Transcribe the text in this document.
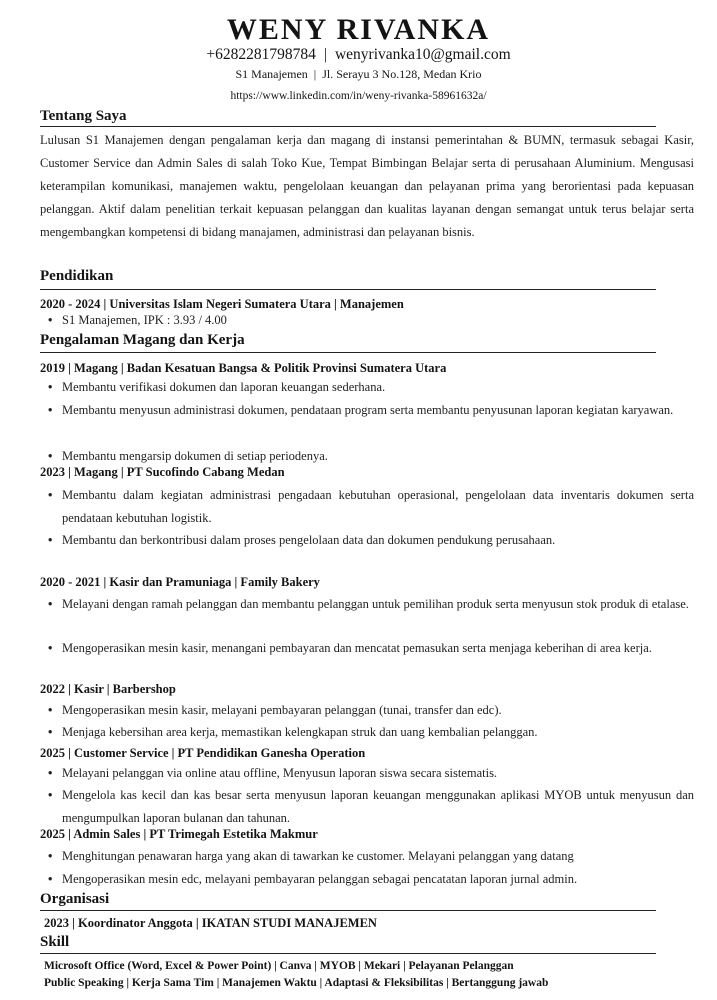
WENY RIVANKA
+6282281798784 | wenyrivanka10@gmail.com
S1 Manajemen | Jl. Serayu 3 No.128, Medan Krio
https://www.linkedin.com/in/weny-rivanka-58961632a/
Tentang Saya
Lulusan S1 Manajemen dengan pengalaman kerja dan magang di instansi pemerintahan & BUMN, termasuk sebagai Kasir, Customer Service dan Admin Sales di salah Toko Kue, Tempat Bimbingan Belajar serta di perusahaan Aluminium. Mengusasi keterampilan komunikasi, manajemen waktu, pengelolaan keuangan dan pelayanan prima yang berorientasi pada kepuasan pelanggan. Aktif dalam penelitian terkait kepuasan pelanggan dan kualitas layanan dengan semangat untuk terus belajar serta mengembangkan kompetensi di bidang manajamen, administrasi dan pelayanan bisnis.
Pendidikan
2020 - 2024 | Universitas Islam Negeri Sumatera Utara | Manajemen
• S1 Manajemen, IPK : 3.93 / 4.00
Pengalaman Magang dan Kerja
2019 | Magang | Badan Kesatuan Bangsa & Politik Provinsi Sumatera Utara
• Membantu verifikasi dokumen dan laporan keuangan sederhana.
• Membantu menyusun administrasi dokumen, pendataan program serta membantu penyusunan laporan kegiatan karyawan.
• Membantu mengarsip dokumen di setiap periodenya.
2023 | Magang | PT Sucofindo Cabang Medan
• Membantu dalam kegiatan administrasi pengadaan kebutuhan operasional, pengelolaan data inventaris dokumen serta pendataan kebutuhan logistik.
• Membantu dan berkontribusi dalam proses pengelolaan data dan dokumen pendukung perusahaan.
2020 - 2021 | Kasir dan Pramuniaga | Family Bakery
• Melayani dengan ramah pelanggan dan membantu pelanggan untuk pemilihan produk serta menyusun stok produk di etalase.
• Mengoperasikan mesin kasir, menangani pembayaran dan mencatat pemasukan serta menjaga keberihan di area kerja.
2022 | Kasir | Barbershop
• Mengoperasikan mesin kasir, melayani pembayaran pelanggan (tunai, transfer dan edc).
• Menjaga kebersihan area kerja, memastikan kelengkapan struk dan uang kembalian pelanggan.
2025 | Customer Service | PT Pendidikan Ganesha Operation
• Melayani pelanggan via online atau offline, Menyusun laporan siswa secara sistematis.
• Mengelola kas kecil dan kas besar serta menyusun laporan keuangan menggunakan aplikasi MYOB untuk menyusun dan mengumpulkan laporan bulanan dan tahunan.
2025 | Admin Sales | PT Trimegah Estetika Makmur
• Menghitungan penawaran harga yang akan di tawarkan ke customer. Melayani pelanggan yang datang
• Mengoperasikan mesin edc, melayani pembayaran pelanggan sebagai pencatatan laporan jurnal admin.
Organisasi
2023 | Koordinator Anggota | IKATAN STUDI MANAJEMEN
Skill
Microsoft Office (Word, Excel & Power Point) | Canva | MYOB | Mekari | Pelayanan Pelanggan
Public Speaking | Kerja Sama Tim | Manajemen Waktu | Adaptasi & Fleksibilitas | Bertanggung jawab
